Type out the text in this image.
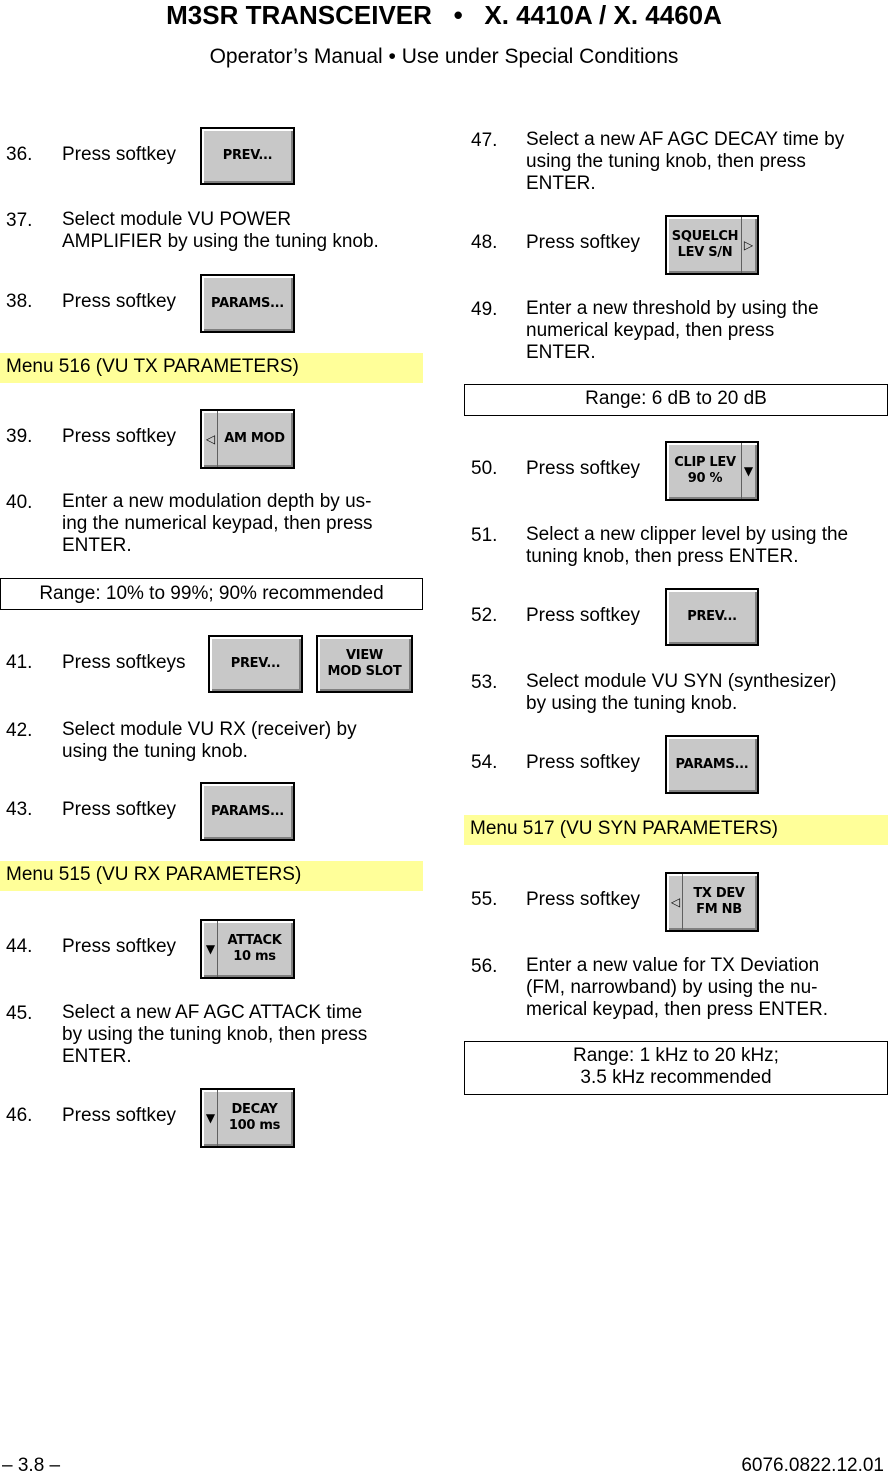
M3SR TRANSCEIVER   •   X. 4410A / X. 4460A
Operator’s Manual • Use under Special Conditions
36. Press softkey	PREV...
37. Select module VU POWER
AMPLIFIER by using the tuning knob.
38. Press softkey	PARAMS...
Menu 516 (VU TX PARAMETERS)
39. Press softkey ◁ AM MOD
40. Enter a new modulation depth by us-
ing the numerical keypad, then press
ENTER.
Range: 10% to 99%; 90% recommended
41. Press softkeys	PREV...
VIEW
MOD SLOT
42. Select module VU RX (receiver) by
using the tuning knob.
43. Press softkey	PARAMS...
Menu 515 (VU RX PARAMETERS)
44. Press softkey ▼
ATTACK
10 ms
45. Select a new AF AGC ATTACK time
by using the tuning knob, then press
ENTER.
46. Press softkey ▼
DECAY
100 ms
47. Select a new AF AGC DECAY time by
using the tuning knob, then press
ENTER.
48. Press softkey SQUELCH
LEV S/N ▷
49. Enter a new threshold by using the
numerical keypad, then press
ENTER.
Range: 6 dB to 20 dB
50. Press softkey	CLIP LEV
90 % ▼
51. Select a new clipper level by using the
tuning knob, then press ENTER.
52. Press softkey	PREV...
53. Select module VU SYN (synthesizer)
by using the tuning knob.
54. Press softkey	PARAMS...
Menu 517 (VU SYN PARAMETERS)
55. Press softkey	◁
TX DEV
FM NB
56. Enter a new value for TX Deviation
(FM, narrowband) by using the nu-
merical keypad, then press ENTER.
Range: 1 kHz to 20 kHz;
3.5 kHz recommended
– 3.8 –	6076.0822.12.01
